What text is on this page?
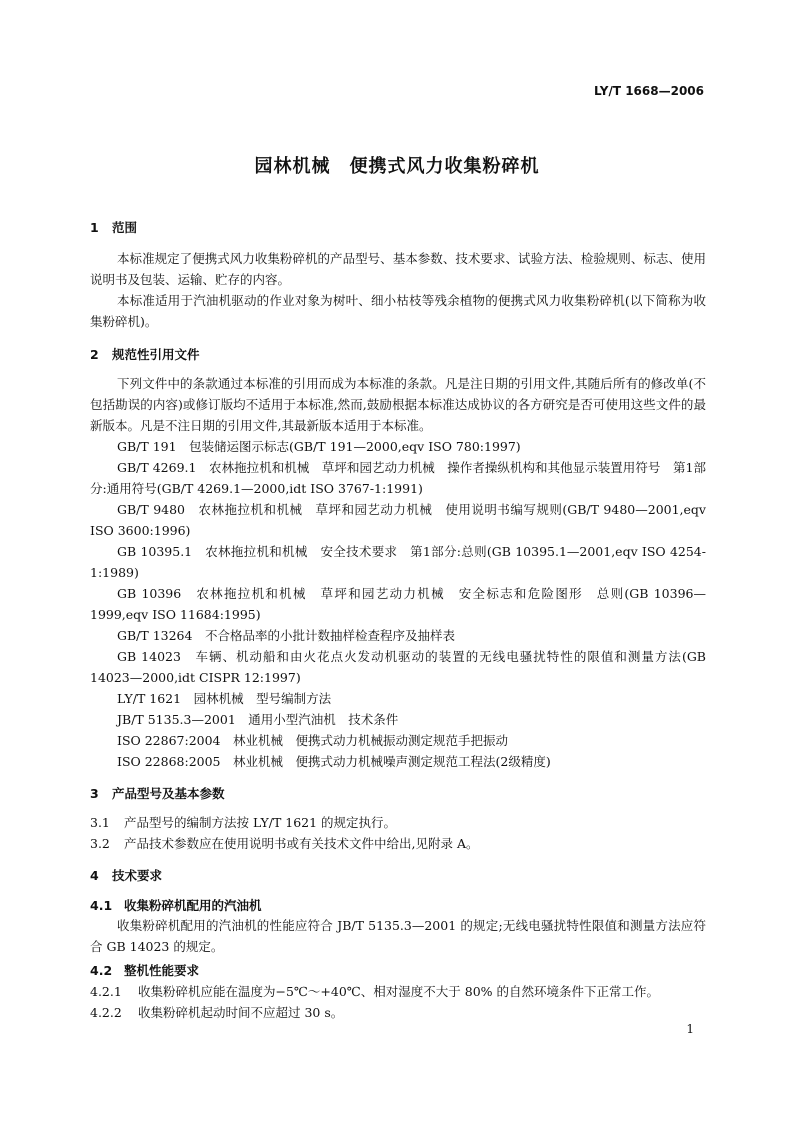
LY/T 1668—2006
园林机械　便携式风力收集粉碎机
1 范围
本标准规定了便携式风力收集粉碎机的产品型号、基本参数、技术要求、试验方法、检验规则、标志、使用说明书及包装、运输、贮存的内容。
本标准适用于汽油机驱动的作业对象为树叶、细小枯枝等残余植物的便携式风力收集粉碎机(以下简称为收集粉碎机)。
2 规范性引用文件
下列文件中的条款通过本标准的引用而成为本标准的条款。凡是注日期的引用文件,其随后所有的修改单(不包括勘误的内容)或修订版均不适用于本标准,然而,鼓励根据本标准达成协议的各方研究是否可使用这些文件的最新版本。凡是不注日期的引用文件,其最新版本适用于本标准。
GB/T 191　包装储运图示标志(GB/T 191—2000,eqv ISO 780:1997)
GB/T 4269.1　农林拖拉机和机械　草坪和园艺动力机械　操作者操纵机构和其他显示装置用符号　第1部分:通用符号(GB/T 4269.1—2000,idt ISO 3767-1:1991)
GB/T 9480　农林拖拉机和机械　草坪和园艺动力机械　使用说明书编写规则(GB/T 9480—2001,eqv ISO 3600:1996)
GB 10395.1　农林拖拉机和机械　安全技术要求　第1部分:总则(GB 10395.1—2001,eqv ISO 4254-1:1989)
GB 10396　农林拖拉机和机械　草坪和园艺动力机械　安全标志和危险图形　总则(GB 10396—1999,eqv ISO 11684:1995)
GB/T 13264　不合格品率的小批计数抽样检查程序及抽样表
GB 14023　车辆、机动船和由火花点火发动机驱动的装置的无线电骚扰特性的限值和测量方法(GB 14023—2000,idt CISPR 12:1997)
LY/T 1621　园林机械　型号编制方法
JB/T 5135.3—2001　通用小型汽油机　技术条件
ISO 22867:2004　林业机械　便携式动力机械振动测定规范手把振动
ISO 22868:2005　林业机械　便携式动力机械噪声测定规范工程法(2级精度)
3 产品型号及基本参数
3.1 产品型号的编制方法按 LY/T 1621 的规定执行。
3.2 产品技术参数应在使用说明书或有关技术文件中给出,见附录 A。
4 技术要求
4.1 收集粉碎机配用的汽油机
收集粉碎机配用的汽油机的性能应符合 JB/T 5135.3—2001 的规定;无线电骚扰特性限值和测量方法应符合 GB 14023 的规定。
4.2 整机性能要求
4.2.1 收集粉碎机应能在温度为−5℃～+40℃、相对湿度不大于 80% 的自然环境条件下正常工作。
4.2.2 收集粉碎机起动时间不应超过 30 s。
1
